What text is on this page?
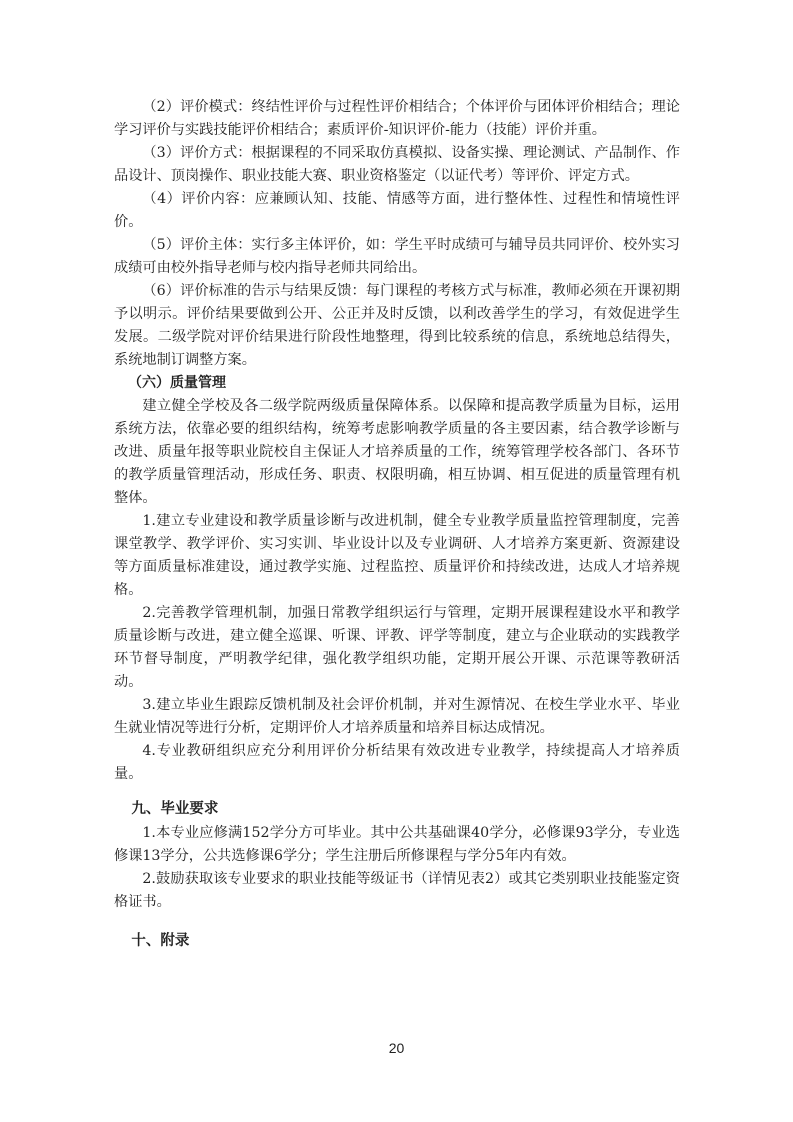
（2）评价模式：终结性评价与过程性评价相结合；个体评价与团体评价相结合；理论学习评价与实践技能评价相结合；素质评价-知识评价-能力（技能）评价并重。

（3）评价方式：根据课程的不同采取仿真模拟、设备实操、理论测试、产品制作、作品设计、顶岗操作、职业技能大赛、职业资格鉴定（以证代考）等评价、评定方式。

（4）评价内容：应兼顾认知、技能、情感等方面，进行整体性、过程性和情境性评价。

（5）评价主体：实行多主体评价，如：学生平时成绩可与辅导员共同评价、校外实习成绩可由校外指导老师与校内指导老师共同给出。

（6）评价标准的告示与结果反馈：每门课程的考核方式与标准，教师必须在开课初期予以明示。评价结果要做到公开、公正并及时反馈，以利改善学生的学习，有效促进学生发展。二级学院对评价结果进行阶段性地整理，得到比较系统的信息，系统地总结得失，系统地制订调整方案。

（六）质量管理

建立健全学校及各二级学院两级质量保障体系。以保障和提高教学质量为目标，运用系统方法，依靠必要的组织结构，统筹考虑影响教学质量的各主要因素，结合教学诊断与改进、质量年报等职业院校自主保证人才培养质量的工作，统筹管理学校各部门、各环节的教学质量管理活动，形成任务、职责、权限明确，相互协调、相互促进的质量管理有机整体。

1.建立专业建设和教学质量诊断与改进机制，健全专业教学质量监控管理制度，完善课堂教学、教学评价、实习实训、毕业设计以及专业调研、人才培养方案更新、资源建设等方面质量标准建设，通过教学实施、过程监控、质量评价和持续改进，达成人才培养规格。

2.完善教学管理机制，加强日常教学组织运行与管理，定期开展课程建设水平和教学质量诊断与改进，建立健全巡课、听课、评教、评学等制度，建立与企业联动的实践教学环节督导制度，严明教学纪律，强化教学组织功能，定期开展公开课、示范课等教研活动。

3.建立毕业生跟踪反馈机制及社会评价机制，并对生源情况、在校生学业水平、毕业生就业情况等进行分析，定期评价人才培养质量和培养目标达成情况。

4.专业教研组织应充分利用评价分析结果有效改进专业教学，持续提高人才培养质量。

九、毕业要求

1.本专业应修满152学分方可毕业。其中公共基础课40学分，必修课93学分，专业选修课13学分，公共选修课6学分；学生注册后所修课程与学分5年内有效。

2.鼓励获取该专业要求的职业技能等级证书（详情见表2）或其它类别职业技能鉴定资格证书。

十、附录

20
